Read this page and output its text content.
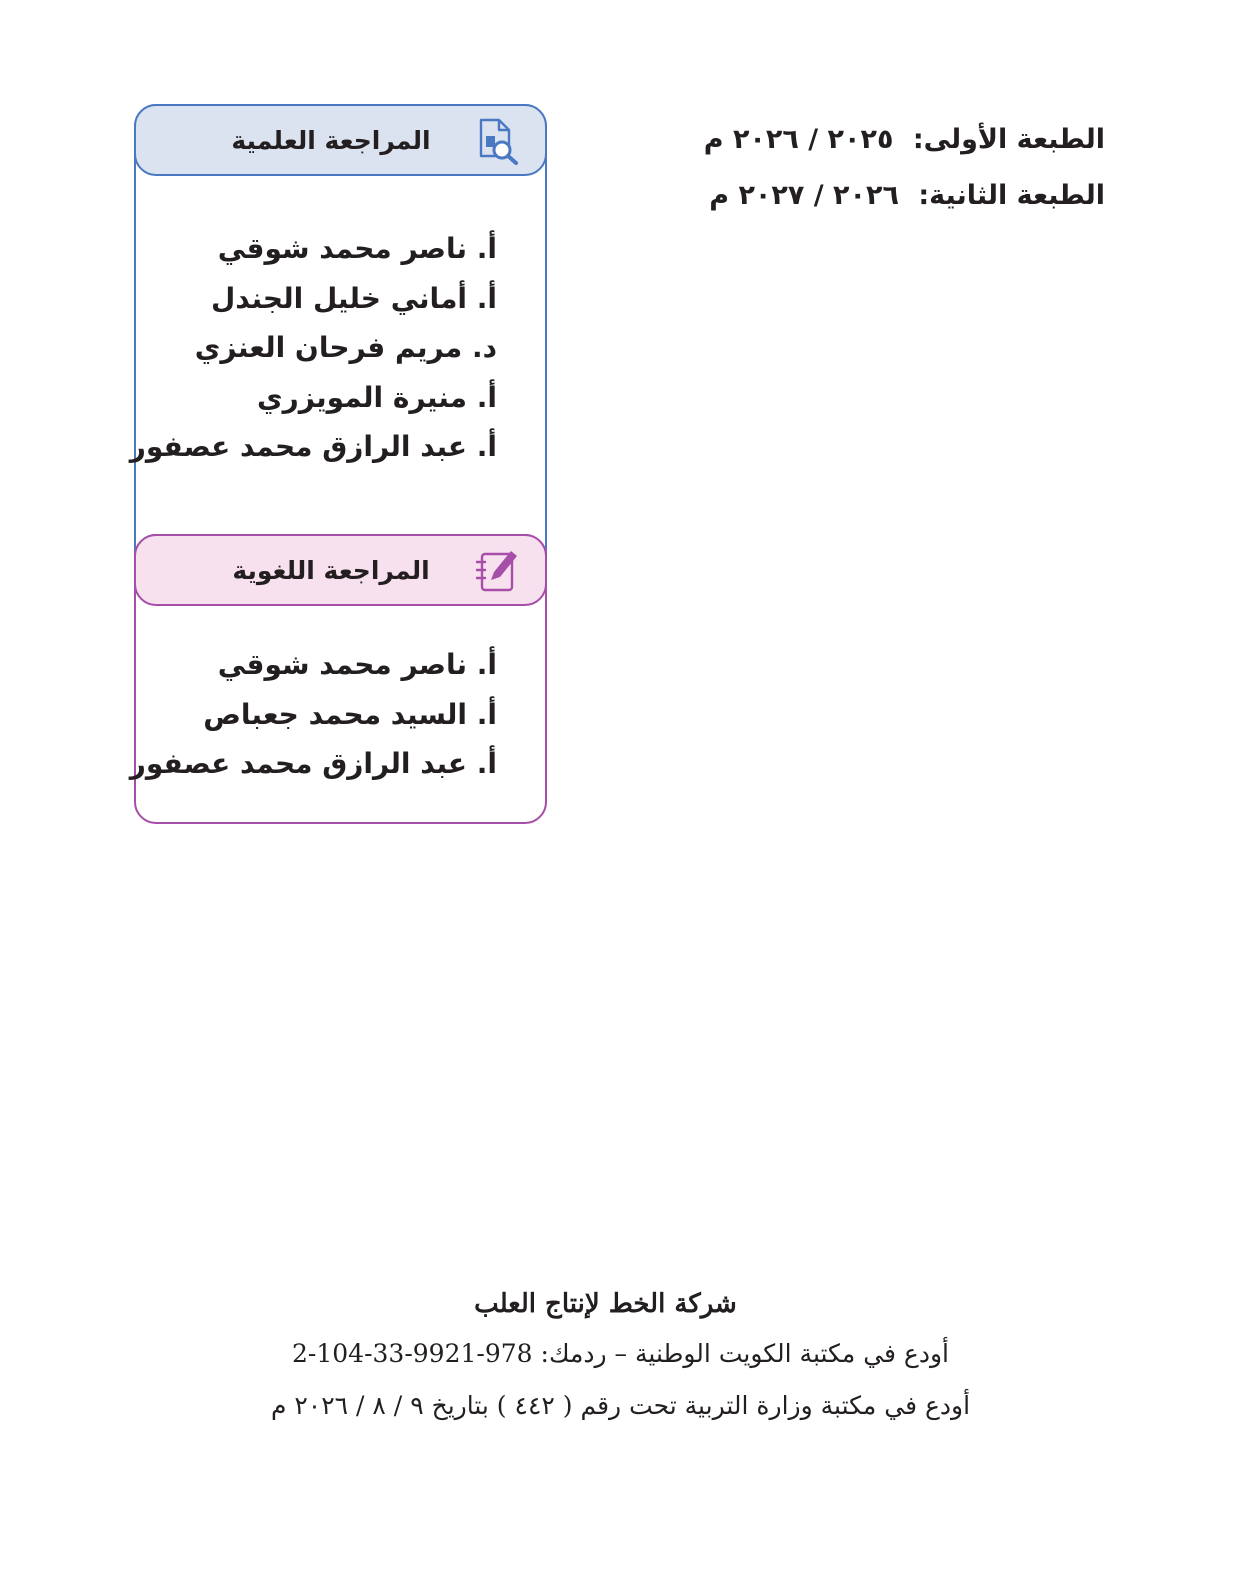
الطبعة الأولى: ٢٠٢٥ / ٢٠٢٦ م
الطبعة الثانية: ٢٠٢٦ / ٢٠٢٧ م
المراجعة العلمية
أ. ناصر محمد شوقي
أ. أماني خليل الجندل
د. مريم فرحان العنزي
أ. منيرة المويزري
أ. عبد الرازق محمد عصفور
المراجعة اللغوية
أ. ناصر محمد شوقي
أ. السيد محمد جعباص
أ. عبد الرازق محمد عصفور
شركة الخط لإنتاج العلب
أودع في مكتبة الكويت الوطنية – ردمك: 978-9921-33-104-2
أودع في مكتبة وزارة التربية تحت رقم ( ٤٤٢ ) بتاريخ ٩ / ٨ / ٢٠٢٦ م
